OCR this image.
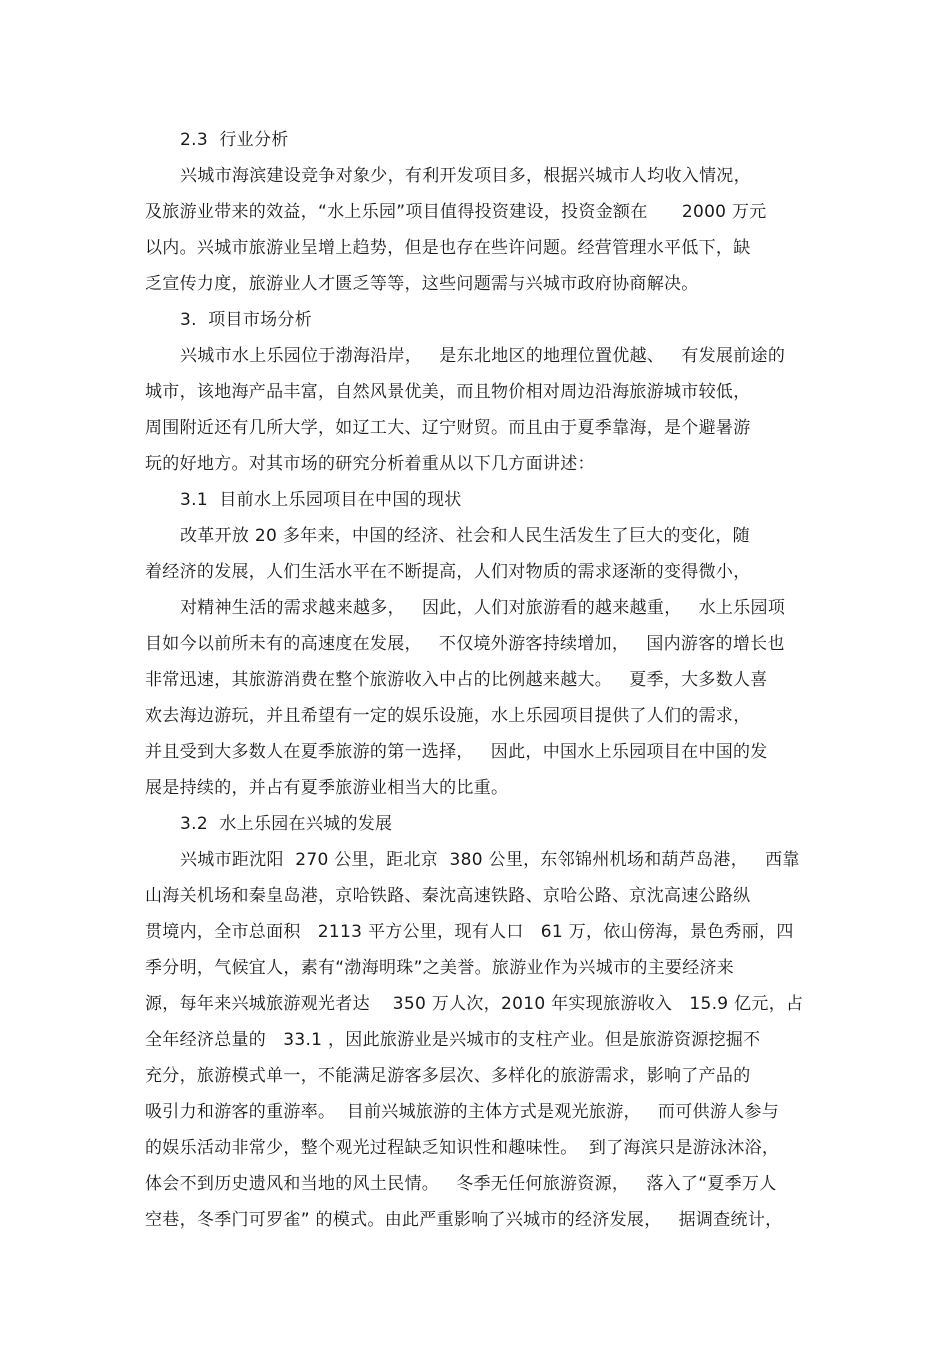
2.3  行业分析
兴城市海滨建设竞争对象少，有利开发项目多，根据兴城市人均收入情况，
及旅游业带来的效益，“水上乐园”项目值得投资建设，投资金额在      2000 万元
以内。兴城市旅游业呈增上趋势，但是也存在些许问题。经营管理水平低下，缺
乏宣传力度，旅游业人才匮乏等等，这些问题需与兴城市政府协商解决。
3.  项目市场分析
兴城市水上乐园位于渤海沿岸，   是东北地区的地理位置优越、   有发展前途的
城市，该地海产品丰富，自然风景优美，而且物价相对周边沿海旅游城市较低，
周围附近还有几所大学，如辽工大、辽宁财贸。而且由于夏季靠海，是个避暑游
玩的好地方。对其市场的研究分析着重从以下几方面讲述：
3.1  目前水上乐园项目在中国的现状
改革开放 20 多年来，中国的经济、社会和人民生活发生了巨大的变化，随
着经济的发展，人们生活水平在不断提高，人们对物质的需求逐渐的变得微小，
对精神生活的需求越来越多，   因此，人们对旅游看的越来越重，   水上乐园项
目如今以前所未有的高速度在发展，   不仅境外游客持续增加，   国内游客的增长也
非常迅速，其旅游消费在整个旅游收入中占的比例越来越大。   夏季，大多数人喜
欢去海边游玩，并且希望有一定的娱乐设施，水上乐园项目提供了人们的需求，
并且受到大多数人在夏季旅游的第一选择，   因此，中国水上乐园项目在中国的发
展是持续的，并占有夏季旅游业相当大的比重。
3.2  水上乐园在兴城的发展
兴城市距沈阳  270 公里，距北京  380 公里，东邻锦州机场和葫芦岛港，   西靠
山海关机场和秦皇岛港，京哈铁路、秦沈高速铁路、京哈公路、京沈高速公路纵
贯境内，全市总面积   2113 平方公里，现有人口   61 万，依山傍海，景色秀丽，四
季分明，气候宜人，素有“渤海明珠”之美誉。旅游业作为兴城市的主要经济来
源，每年来兴城旅游观光者达    350 万人次，2010 年实现旅游收入   15.9 亿元，占
全年经济总量的   33.1 ，因此旅游业是兴城市的支柱产业。但是旅游资源挖掘不
充分，旅游模式单一，不能满足游客多层次、多样化的旅游需求，影响了产品的
吸引力和游客的重游率。  目前兴城旅游的主体方式是观光旅游，   而可供游人参与
的娱乐活动非常少，整个观光过程缺乏知识性和趣味性。  到了海滨只是游泳沐浴，
体会不到历史遗风和当地的风土民情。   冬季无任何旅游资源，   落入了“夏季万人
空巷，冬季门可罗雀” 的模式。由此严重影响了兴城市的经济发展，   据调查统计，
